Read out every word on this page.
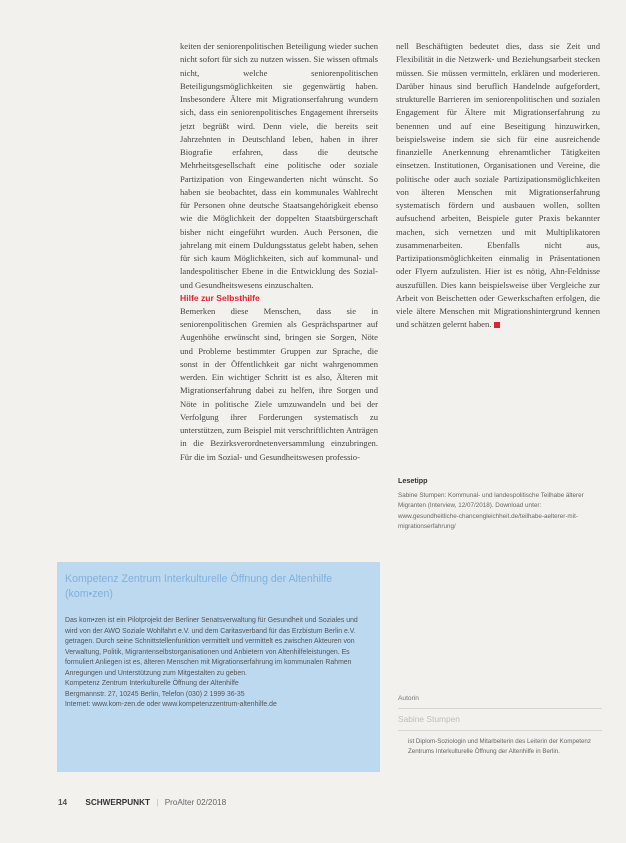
keiten der seniorenpolitischen Beteiligung wieder suchen nicht sofort für sich zu nutzen wissen. Sie wissen oftmals nicht, welche seniorenpolitischen Beteiligungsmöglichkeiten sie gegenwärtig haben. Insbesondere Ältere mit Migrationserfahrung wundern sich, dass ein seniorenpolitisches Engagement ihrerseits jetzt begrüßt wird. Denn viele, die bereits seit Jahrzehnten in Deutschland leben, haben in ihrer Biografie erfahren, dass die deutsche Mehrheitsgesellschaft eine politische oder soziale Partizipation von Eingewanderten nicht wünscht. So haben sie beobachtet, dass ein kommunales Wahlrecht für Personen ohne deutsche Staatsangehörigkeit ebenso wie die Möglichkeit der doppelten Staatsbürgerschaft bisher nicht eingeführt wurden. Auch Personen, die jahrelang mit einem Duldungsstatus gelebt haben, sehen für sich kaum Möglichkeiten, sich auf kommunal- und landespolitischer Ebene in die Entwicklung des Sozial- und Gesundheitswesens einzuschalten.

Hilfe zur Selbsthilfe

Bemerken diese Menschen, dass sie in seniorenpolitischen Gremien als Gesprächspartner auf Augenhöhe erwünscht sind, bringen sie Sorgen, Nöte und Probleme bestimmter Gruppen zur Sprache, die sonst in der Öffentlichkeit gar nicht wahrgenommen werden. Ein wichtiger Schritt ist es also, Älteren mit Migrationserfahrung dabei zu helfen, ihre Sorgen und Nöte in politische Ziele umzuwandeln und bei der Verfolgung ihrer Forderungen systematisch zu unterstützen, zum Beispiel mit verschriftlichten Anträgen in die Bezirksverordnetenversammlung einzubringen. Für die im Sozial- und Gesundheitswesen professio-

nell Beschäftigten bedeutet dies, dass sie Zeit und Flexibilität in die Netzwerk- und Beziehungsarbeit stecken müssen. Sie müssen vermitteln, erklären und moderieren. Darüber hinaus sind beruflich Handelnde aufgefordert, strukturelle Barrieren im seniorenpolitischen und sozialen Engagement für Ältere mit Migrationserfahrung zu benennen und auf eine Beseitigung hinzuwirken, beispielsweise indem sie sich für eine ausreichende finanzielle Anerkennung ehrenamtlicher Tätigkeiten einsetzen. Institutionen, Organisationen und Vereine, die politische oder auch soziale Partizipationsmöglichkeiten von älteren Menschen mit Migrationserfahrung systematisch fördern und ausbauen wollen, sollten aufsuchend arbeiten, Beispiele guter Praxis bekannter machen, sich vernetzen und mit Multiplikatoren zusammenarbeiten. Ebenfalls nicht aus, Partizipationsmöglichkeiten einmalig in Präsentationen oder Flyern aufzulisten. Hier ist es nötig, Ahn-Feldnisse auszufüllen. Dies kann beispielsweise über Vergleiche zur Arbeit von Beischetten oder Gewerkschaften erfolgen, die viele ältere Menschen mit Migrationshintergrund kennen und schätzen gelernt haben.

Lesetipp

Sabine Stumpen: Kommunal- und landespolitische Teilhabe älterer Migranten (Interview, 12/07/2018). Download unter: www.gesundheitliche-chancengleichheit.de/teilhabe-aelterer-mit-migrationserfahrung/

Kompetenz Zentrum Interkulturelle Öffnung der Altenhilfe (kom•zen)

Das kom•zen ist ein Pilotprojekt der Berliner Senatsverwaltung für Gesundheit und Soziales und wird von der AWO Soziale Wohlfahrt e.V. und dem Caritasverband für das Erzbistum Berlin e.V. getragen. Durch seine Schnittstellenfunktion vermittelt und vermittelt es zwischen Akteuren von Verwaltung, Politik, Migrantenselbstorganisationen und Anbietern von Altenhilfeleistungen. Es formuliert Anliegen ist es, älteren Menschen mit Migrationserfahrung im kommunalen Rahmen Anregungen und Unterstützung zum Mitgestalten zu geben.

Kompetenz Zentrum Interkulturelle Öffnung der Altenhilfe

Bergmannstr. 27, 10245 Berlin, Telefon (030) 2 1999 36-35

Internet: www.kom-zen.de oder www.kompetenzzentrum-altenhilfe.de

Autorin
Sabine Stumpen
ist Diplom-Soziologin und Mitarbeiterin des Leiterin der Kompetenz Zentrums Interkulturelle Öffnung der Altenhilfe in Berlin.
14 SCHWERPUNKT | ProAlter 02/2018
